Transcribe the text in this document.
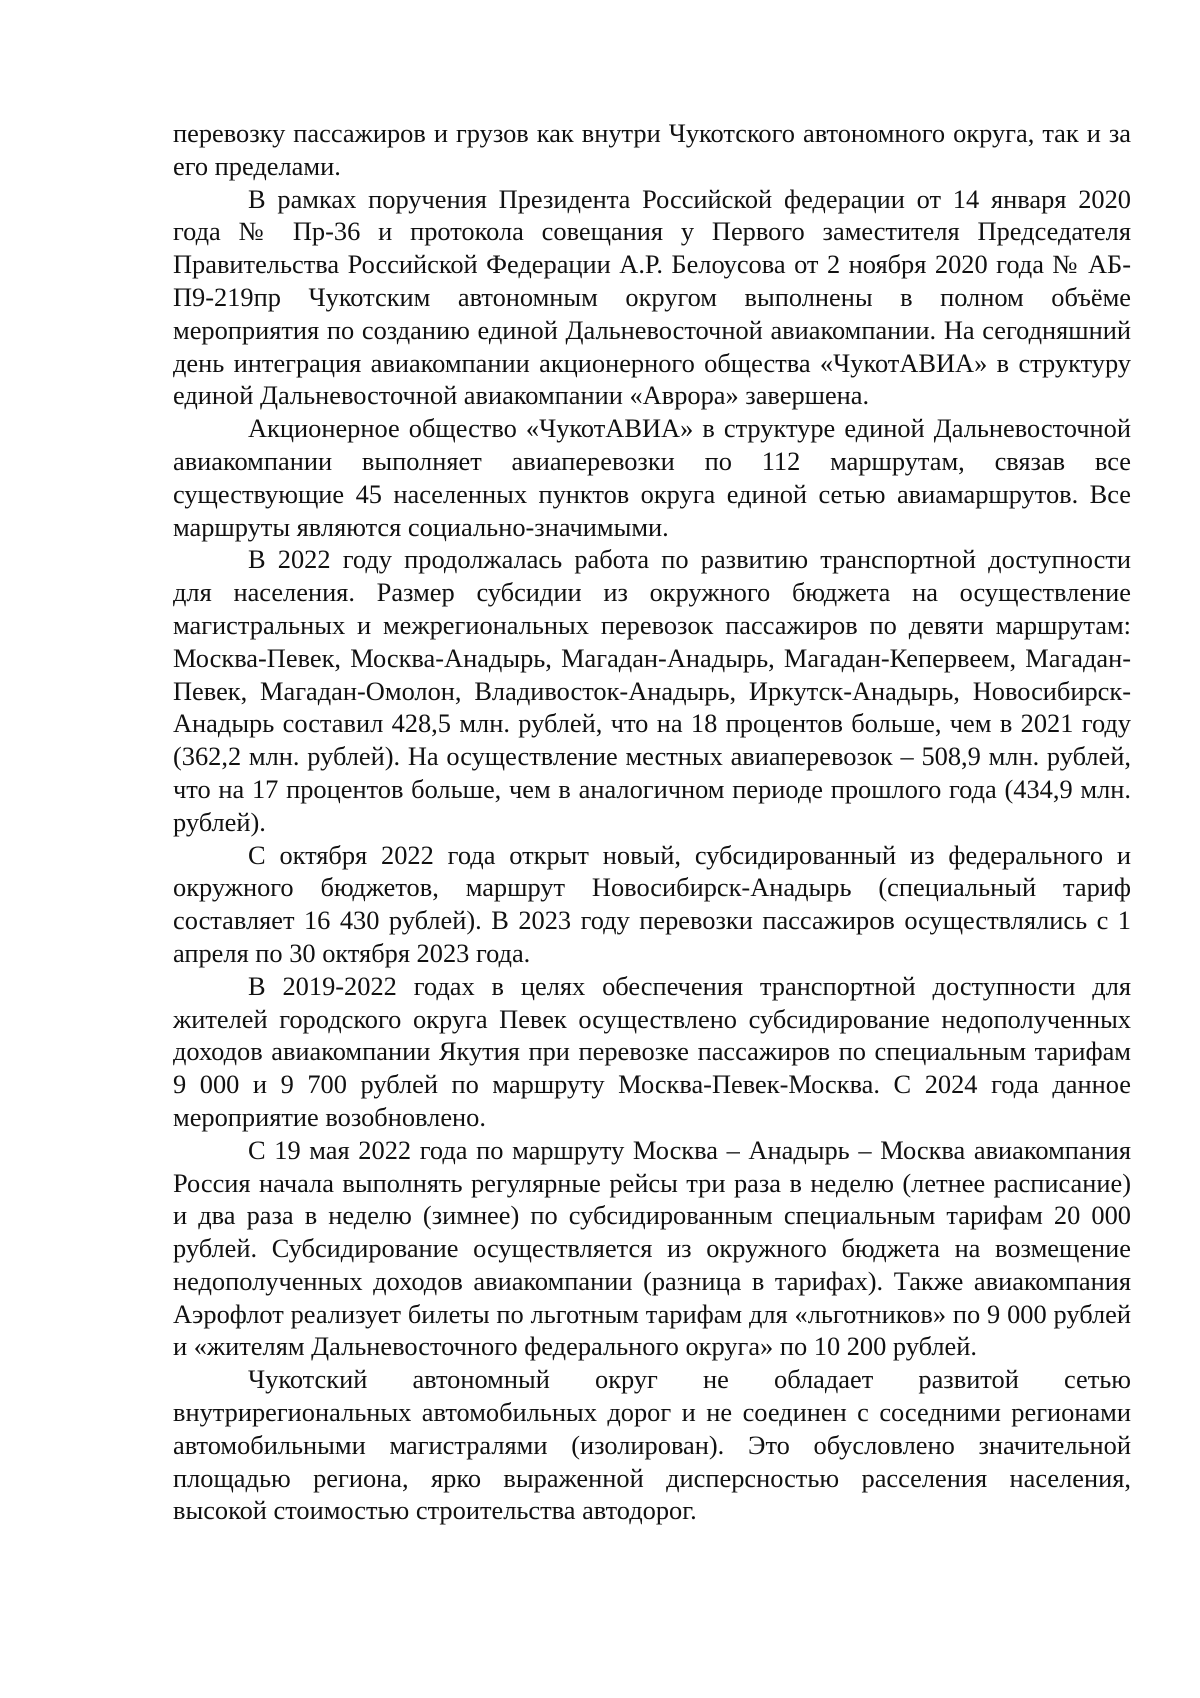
перевозку пассажиров и грузов как внутри Чукотского автономного округа, так и за его пределами.

В рамках поручения Президента Российской федерации от 14 января 2020 года № Пр-36 и протокола совещания у Первого заместителя Председателя Правительства Российской Федерации А.Р. Белоусова от 2 ноября 2020 года № АБ-П9-219пр Чукотским автономным округом выполнены в полном объёме мероприятия по созданию единой Дальневосточной авиакомпании. На сегодняшний день интеграция авиакомпании акционерного общества «ЧукотАВИА» в структуру единой Дальневосточной авиакомпании «Аврора» завершена.

Акционерное общество «ЧукотАВИА» в структуре единой Дальневосточной авиакомпании выполняет авиаперевозки по 112 маршрутам, связав все существующие 45 населенных пунктов округа единой сетью авиамаршрутов. Все маршруты являются социально-значимыми.

В 2022 году продолжалась работа по развитию транспортной доступности для населения. Размер субсидии из окружного бюджета на осуществление магистральных и межрегиональных перевозок пассажиров по девяти маршрутам: Москва-Певек, Москва-Анадырь, Магадан-Анадырь, Магадан-Кепервеем, Магадан-Певек, Магадан-Омолон, Владивосток-Анадырь, Иркутск-Анадырь, Новосибирск-Анадырь составил 428,5 млн. рублей, что на 18 процентов больше, чем в 2021 году (362,2 млн. рублей). На осуществление местных авиаперевозок – 508,9 млн. рублей, что на 17 процентов больше, чем в аналогичном периоде прошлого года (434,9 млн. рублей).

С октября 2022 года открыт новый, субсидированный из федерального и окружного бюджетов, маршрут Новосибирск-Анадырь (специальный тариф составляет 16 430 рублей). В 2023 году перевозки пассажиров осуществлялись с 1 апреля по 30 октября 2023 года.

В 2019-2022 годах в целях обеспечения транспортной доступности для жителей городского округа Певек осуществлено субсидирование недополученных доходов авиакомпании Якутия при перевозке пассажиров по специальным тарифам 9 000 и 9 700 рублей по маршруту Москва-Певек-Москва. С 2024 года данное мероприятие возобновлено.

С 19 мая 2022 года по маршруту Москва – Анадырь – Москва авиакомпания Россия начала выполнять регулярные рейсы три раза в неделю (летнее расписание) и два раза в неделю (зимнее) по субсидированным специальным тарифам 20 000 рублей. Субсидирование осуществляется из окружного бюджета на возмещение недополученных доходов авиакомпании (разница в тарифах). Также авиакомпания Аэрофлот реализует билеты по льготным тарифам для «льготников» по 9 000 рублей и «жителям Дальневосточного федерального округа» по 10 200 рублей.

Чукотский автономный округ не обладает развитой сетью внутрирегиональных автомобильных дорог и не соединен с соседними регионами автомобильными магистралями (изолирован). Это обусловлено значительной площадью региона, ярко выраженной дисперсностью расселения населения, высокой стоимостью строительства автодорог.
